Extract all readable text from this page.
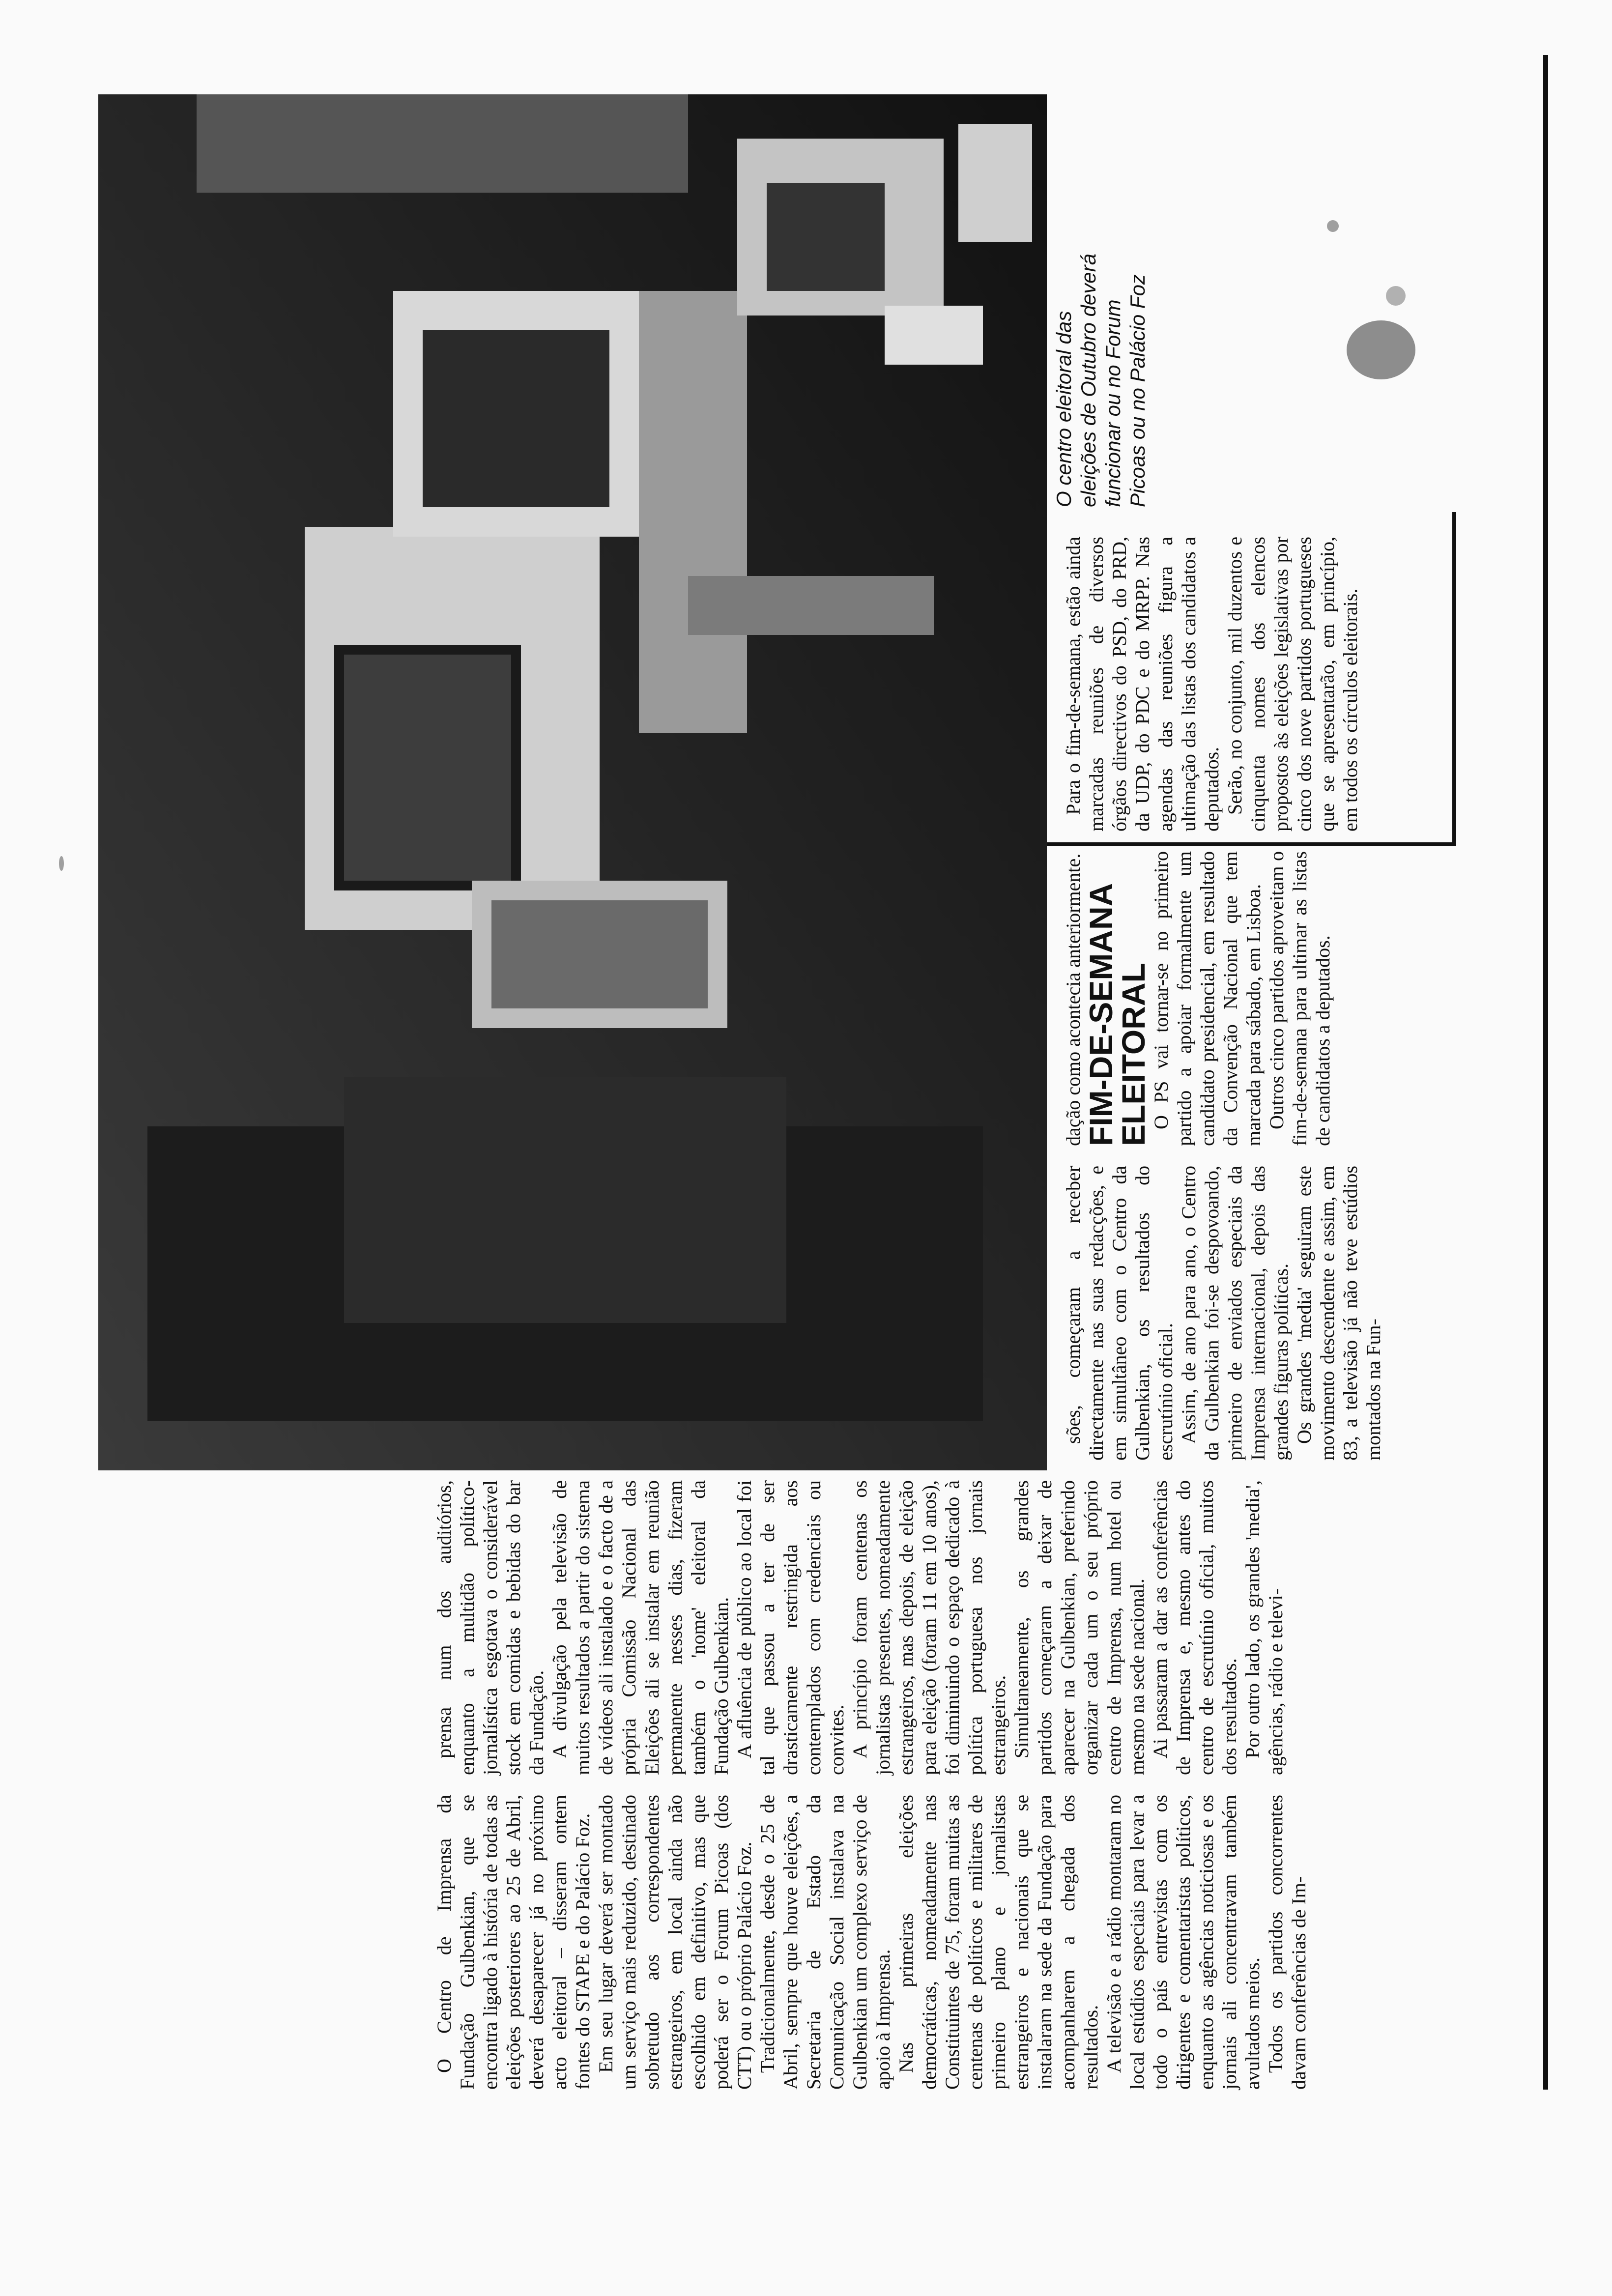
O Centro de Imprensa da Fundação Gulbenkian, que se encontra ligado à história de todas as eleições posteriores ao 25 de Abril, deverá desaparecer já no próximo acto eleitoral – disseram ontem fontes do STAPE e do Palácio Foz. Em seu lugar deverá ser montado um serviço mais reduzido, destinado sobretudo aos correspondentes estrangeiros, em local ainda não escolhido em definitivo, mas que poderá ser o Forum Picoas (dos CTT) ou o próprio Palácio Foz. Tradicionalmente, desde o 25 de Abril, sempre que houve eleições, a Secretaria de Estado da Comunicação Social instalava na Gulbenkian um complexo serviço de apoio à Imprensa. Nas primeiras eleições democráticas, nomeadamente nas Constituintes de 75, foram muitas as centenas de políticos e militares de primeiro plano e jornalistas estrangeiros e nacionais que se instalaram na sede da Fundação para acompanharem a chegada dos resultados. A televisão e a rádio montaram no local estúdios especiais para levar a todo o país entrevistas com os dirigentes e comentaristas políticos, enquanto as agências noticiosas e os jornais ali concentravam também avultados meios. Todos os partidos concorrentes davam conferências de Im-

prensa num dos auditórios, enquanto a multidão político-jornalística esgotava o considerável stock em comidas e bebidas do bar da Fundação. A divulgação pela televisão de muitos resultados a partir do sistema de vídeos ali instalado e o facto de a própria Comissão Nacional das Eleições ali se instalar em reunião permanente nesses dias, fizeram também o 'nome' eleitoral da Fundação Gulbenkian. A afluência de público ao local foi tal que passou a ter de ser drasticamente restringida aos contemplados com credenciais ou convites. A princípio foram centenas os jornalistas presentes, nomeadamente estrangeiros, mas depois, de eleição para eleição (foram 11 em 10 anos), foi diminuindo o espaço dedicado à política portuguesa nos jornais estrangeiros. Simultaneamente, os grandes partidos começaram a deixar de aparecer na Gulbenkian, preferindo organizar cada um o seu próprio centro de Imprensa, num hotel ou mesmo na sede nacional. Ai passaram a dar as conferências de Imprensa e, mesmo antes do centro de escrutínio oficial, muitos dos resultados. Por outro lado, os grandes 'media', agências, rádio e televi-

sões, começaram a receber directamente nas suas redacções, e em simultâneo com o Centro da Gulbenkian, os resultados do escrutínio oficial. Assim, de ano para ano, o Centro da Gulbenkian foi-se despovoando, primeiro de enviados especiais da Imprensa internacional, depois das grandes figuras políticas. Os grandes 'media' seguiram este movimento descendente e assim, em 83, a televisão já não teve estúdios montados na Fun-

dação como acontecia anteriormente.

FIM-DE-SEMANA ELEITORAL

O PS vai tornar-se no primeiro partido a apoiar formalmente um candidato presidencial, em resultado da Convenção Nacional que tem marcada para sábado, em Lisboa. Outros cinco partidos aproveitam o fim-de-semana para ultimar as listas de candidatos a deputados.

Para o fim-de-semana, estão ainda marcadas reuniões de diversos órgãos directivos do PSD, do PRD, da UDP, do PDC e do MRPP. Nas agendas das reuniões figura a ultimação das listas dos candidatos a deputados. Serão, no conjunto, mil duzentos e cinquenta nomes dos elencos propostos às eleições legislativas por cinco dos nove partidos portugueses que se apresentarão, em princípio, em todos os círculos eleitorais.

O centro eleitoral das eleições de Outubro deverá funcionar ou no Forum Picoas ou no Palácio Foz
